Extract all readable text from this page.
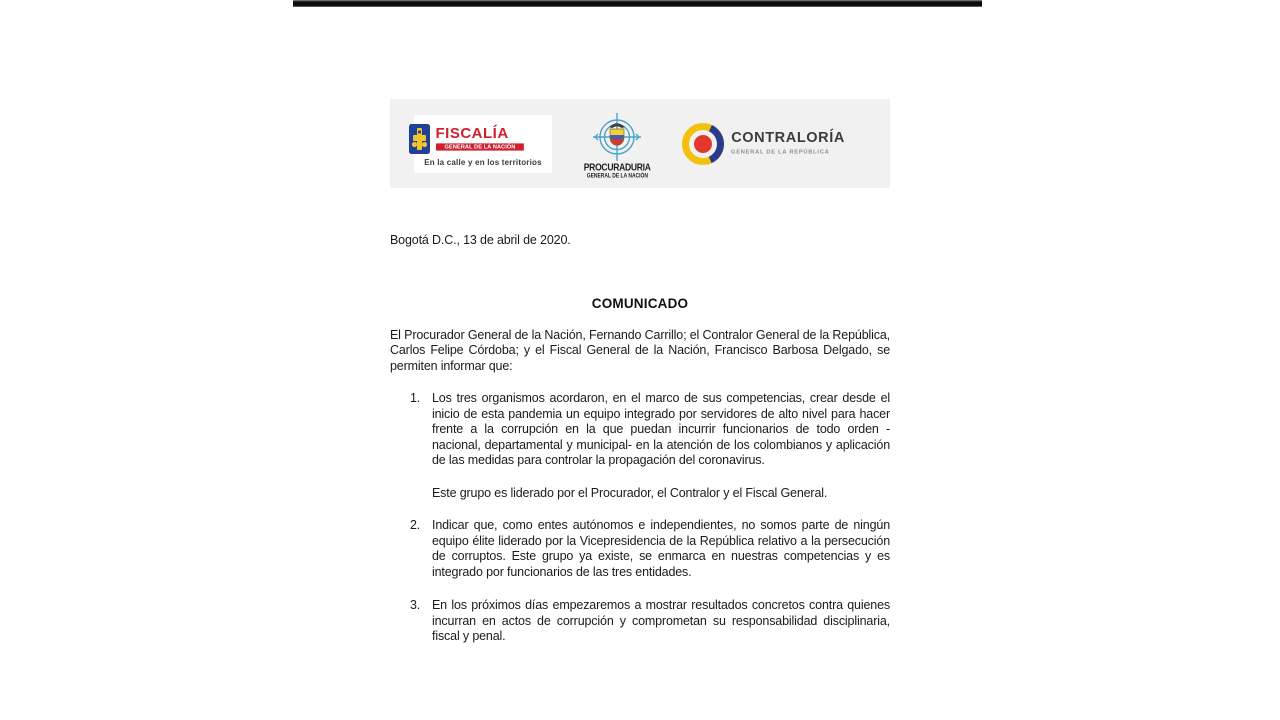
FISCALÍA
GENERAL DE LA NACIÓN
En la calle y en los territorios	PROCURADURIA
GENERAL DE LA NACIÓN
CONTRALORÍA
GENERAL DE LA REPÚBLICA

Bogotá D.C., 13 de abril de 2020.

COMUNICADO

El Procurador General de la Nación, Fernando Carrillo; el Contralor General de la República, Carlos Felipe Córdoba; y el Fiscal General de la Nación, Francisco Barbosa Delgado, se permiten informar que:

1. Los tres organismos acordaron, en el marco de sus competencias, crear desde el inicio de esta pandemia un equipo integrado por servidores de alto nivel para hacer frente a la corrupción en la que puedan incurrir funcionarios de todo orden - nacional, departamental y municipal- en la atención de los colombianos y aplicación de las medidas para controlar la propagación del coronavirus.

Este grupo es liderado por el Procurador, el Contralor y el Fiscal General.

2. Indicar que, como entes autónomos e independientes, no somos parte de ningún equipo élite liderado por la Vicepresidencia de la República relativo a la persecución de corruptos. Este grupo ya existe, se enmarca en nuestras competencias y es integrado por funcionarios de las tres entidades.

3. En los próximos días empezaremos a mostrar resultados concretos contra quienes incurran en actos de corrupción y comprometan su responsabilidad disciplinaria, fiscal y penal.
